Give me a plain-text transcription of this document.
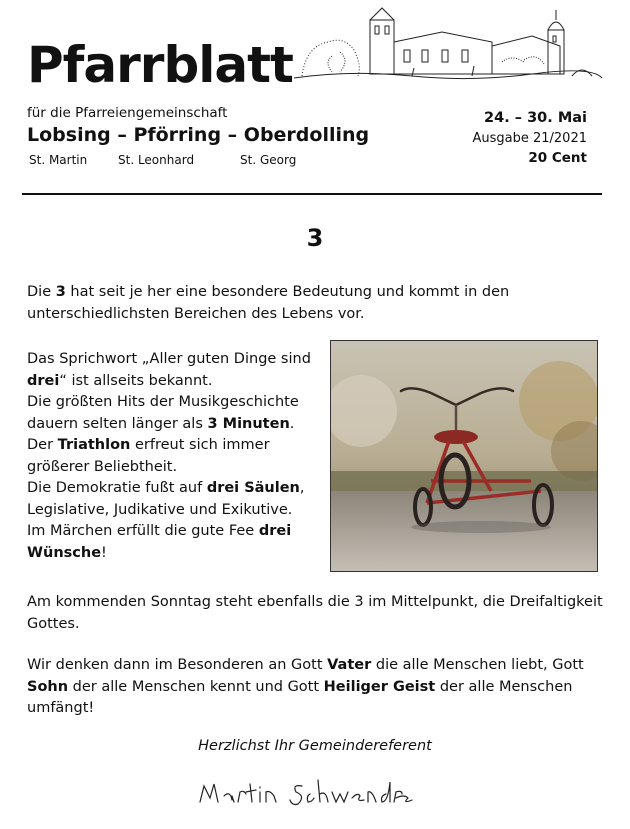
Pfarrblatt
für die Pfarreiengemeinschaft
Lobsing – Pförring – Oberdolling
St. Martin	St. Leonhard	St. Georg
24. – 30. Mai
Ausgabe 21/2021
20 Cent
3
Die 3 hat seit je her eine besondere Bedeutung und kommt in den unterschiedlichsten Bereichen des Lebens vor.
Das Sprichwort „Aller guten Dinge sind drei“ ist allseits bekannt.
Die größten Hits der Musikgeschichte dauern selten länger als 3 Minuten.
Der Triathlon erfreut sich immer größerer Beliebtheit.
Die Demokratie fußt auf drei Säulen, Legislative, Judikative und Exikutive.
Im Märchen erfüllt die gute Fee drei Wünsche!
Am kommenden Sonntag steht ebenfalls die 3 im Mittelpunkt, die Dreifaltigkeit Gottes.
Wir denken dann im Besonderen an Gott Vater die alle Menschen liebt, Gott Sohn der alle Menschen kennt und Gott Heiliger Geist der alle Menschen umfängt!
Herzlichst Ihr Gemeindereferent
